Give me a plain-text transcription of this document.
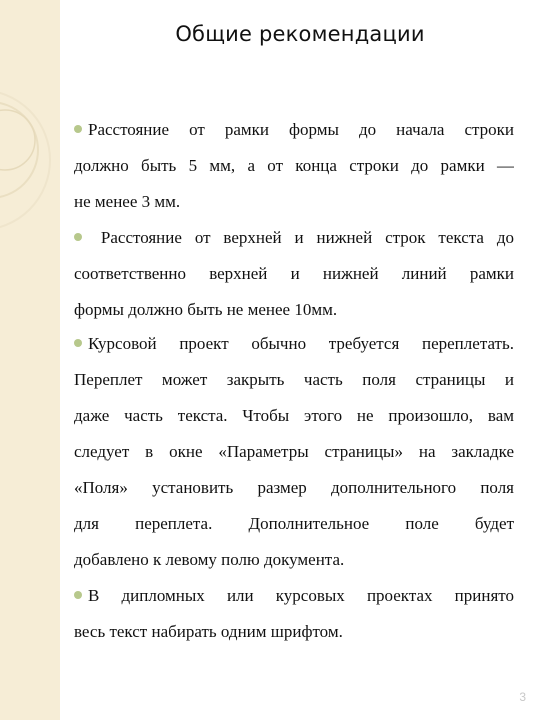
Общие рекомендации
Расстояние от рамки формы до начала строки
должно быть 5 мм, а от конца строки до рамки —
не менее 3 мм.
Расстояние от верхней и нижней строк текста до
соответственно верхней и нижней линий рамки
формы должно быть не менее 10мм.
Курсовой проект обычно требуется переплетать.
Переплет может закрыть часть поля страницы и
даже часть текста. Чтобы этого не произошло, вам
следует в окне «Параметры страницы» на закладке
«Поля» установить размер дополнительного поля
для переплета. Дополнительное поле будет
добавлено к левому полю документа.
В дипломных или курсовых проектах принято
весь текст набирать одним шрифтом.
3
